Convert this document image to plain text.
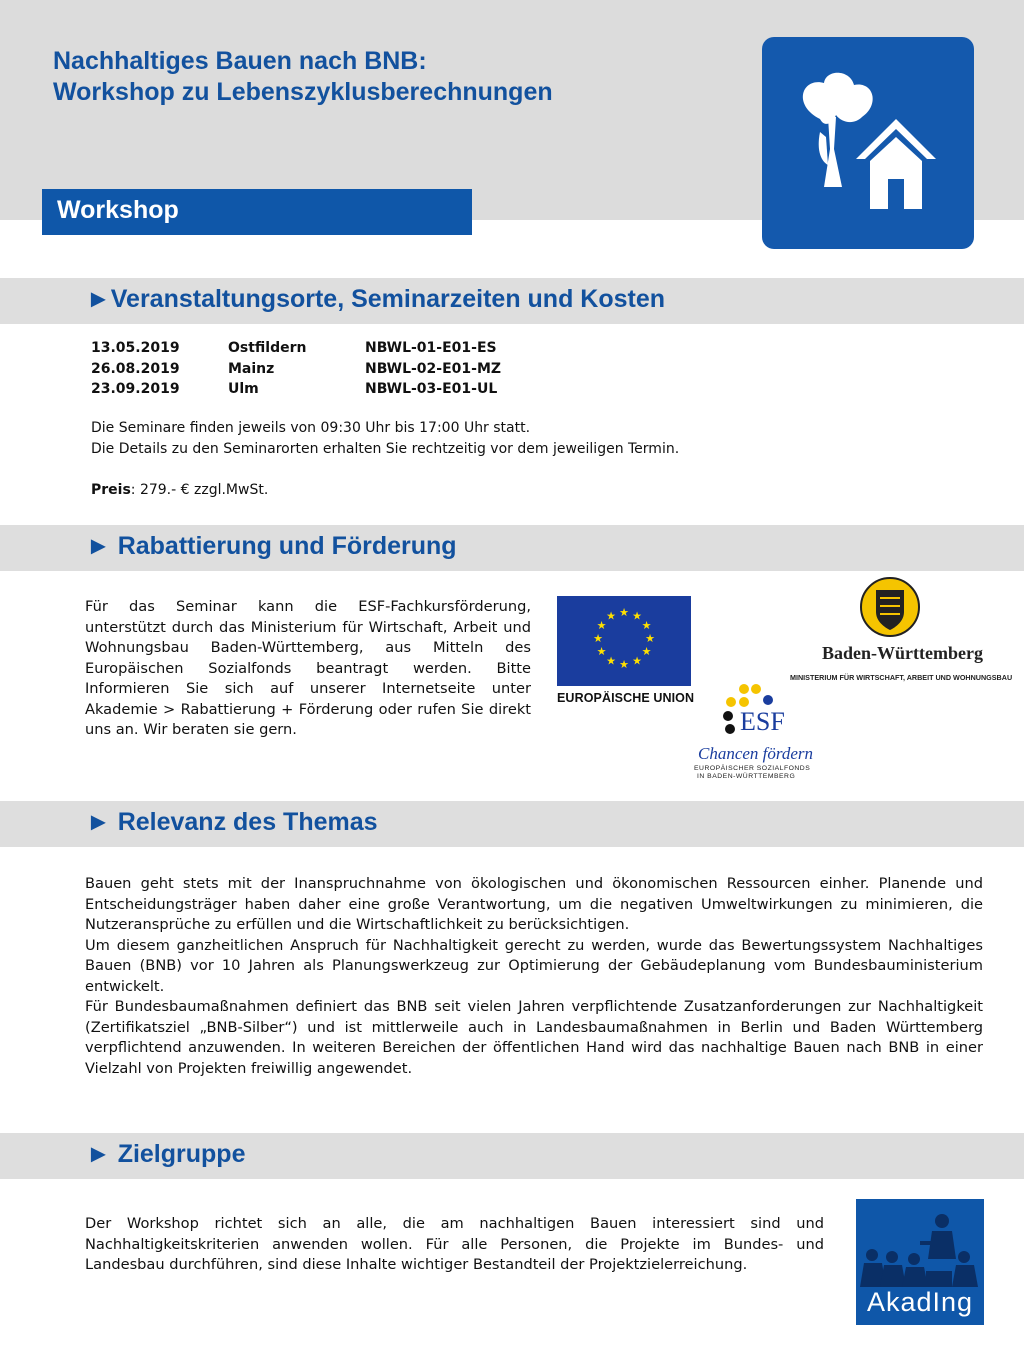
Nachhaltiges Bauen nach BNB:
Workshop zu Lebenszyklusberechnungen
Workshop
►Veranstaltungsorte, Seminarzeiten und Kosten
13.05.2019	Ostfildern	NBWL-01-E01-ES
26.08.2019	Mainz	NBWL-02-E01-MZ
23.09.2019	Ulm	NBWL-03-E01-UL

Die Seminare finden jeweils von 09:30 Uhr bis 17:00 Uhr statt.
Die Details zu den Seminarorten erhalten Sie rechtzeitig vor dem jeweiligen Termin.

Preis: 279.- € zzgl.MwSt.

► Rabattierung und Förderung

Für das Seminar kann die ESF-Fachkursförderung, unterstützt durch das Ministerium für Wirtschaft, Arbeit und Wohnungsbau Baden-Württemberg, aus Mitteln des Europäischen Sozialfonds beantragt werden. Bitte Informieren Sie sich auf unserer Internetseite unter Akademie > Rabattierung + Förderung oder rufen Sie direkt uns an. Wir beraten sie gern.

★ ★
★
★
★
★
★
★
★
★
★
★
EUROPÄISCHE UNION
Baden-Württemberg
MINISTERIUM FÜR WIRTSCHAFT, ARBEIT UND WOHNUNGSBAU
ESF
Chancen fördern
EUROPÄISCHER SOZIALFONDS
IN BADEN-WÜRTTEMBERG
► Relevanz des Themas

Bauen geht stets mit der Inanspruchnahme von ökologischen und ökonomischen Ressourcen einher. Planende und Entscheidungsträger haben daher eine große Verantwortung, um die negativen Umweltwirkungen zu minimieren, die Nutzeransprüche zu erfüllen und die Wirtschaftlichkeit zu berücksichtigen.

Um diesem ganzheitlichen Anspruch für Nachhaltigkeit gerecht zu werden, wurde das Bewertungssystem Nachhaltiges Bauen (BNB) vor 10 Jahren als Planungswerkzeug zur Optimierung der Gebäudeplanung vom Bundesbauministerium entwickelt.

Für Bundesbaumaßnahmen definiert das BNB seit vielen Jahren verpflichtende Zusatzanforderungen zur Nachhaltigkeit (Zertifikatsziel „BNB-Silber“) und ist mittlerweile auch in Landesbaumaßnahmen in Berlin und Baden Württemberg verpflichtend anzuwenden. In weiteren Bereichen der öffentlichen Hand wird das nachhaltige Bauen nach BNB in einer Vielzahl von Projekten freiwillig angewendet.

► Zielgruppe

Der Workshop richtet sich an alle, die am nachhaltigen Bauen interessiert sind und Nachhaltigkeitskriterien anwenden wollen. Für alle Personen, die Projekte im Bundes- und Landesbau durchführen, sind diese Inhalte wichtiger Bestandteil der Projektzielerreichung.

AkadIng
